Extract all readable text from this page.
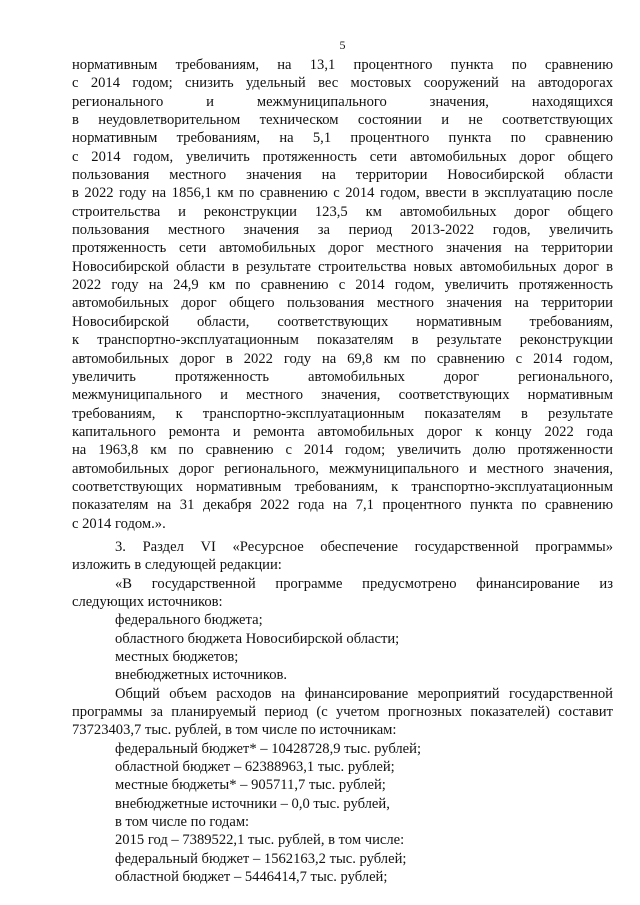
5
нормативным требованиям, на 13,1 процентного пункта по сравнению
с 2014 годом; снизить удельный вес мостовых сооружений на автодорогах
регионального и межмуниципального значения, находящихся
в неудовлетворительном техническом состоянии и не соответствующих
нормативным требованиям, на 5,1 процентного пункта по сравнению
с 2014 годом, увеличить протяженность сети автомобильных дорог общего
пользования местного значения на территории Новосибирской области
в 2022 году на 1856,1 км по сравнению с 2014 годом, ввести в эксплуатацию после
строительства и реконструкции 123,5 км автомобильных дорог общего
пользования местного значения за период 2013-2022 годов, увеличить
протяженность сети автомобильных дорог местного значения на территории
Новосибирской области в результате строительства новых автомобильных дорог в
2022 году на 24,9 км по сравнению с 2014 годом, увеличить протяженность
автомобильных дорог общего пользования местного значения на территории
Новосибирской области, соответствующих нормативным требованиям,
к транспортно-эксплуатационным показателям в результате реконструкции
автомобильных дорог в 2022 году на 69,8 км по сравнению с 2014 годом,
увеличить протяженность автомобильных дорог регионального,
межмуниципального и местного значения, соответствующих нормативным
требованиям, к транспортно-эксплуатационным показателям в результате
капитального ремонта и ремонта автомобильных дорог к концу 2022 года
на 1963,8 км по сравнению с 2014 годом; увеличить долю протяженности
автомобильных дорог регионального, межмуниципального и местного значения,
соответствующих нормативным требованиям, к транспортно-эксплуатационным
показателям на 31 декабря 2022 года на 7,1 процентного пункта по сравнению
с 2014 годом.».
3. Раздел VI «Ресурсное обеспечение государственной программы»
изложить в следующей редакции:
«В государственной программе предусмотрено финансирование из
следующих источников:
федерального бюджета;
областного бюджета Новосибирской области;
местных бюджетов;
внебюджетных источников.
Общий объем расходов на финансирование мероприятий государственной
программы за планируемый период (с учетом прогнозных показателей) составит
73723403,7 тыс. рублей, в том числе по источникам:
федеральный бюджет* – 10428728,9 тыс. рублей;
областной бюджет – 62388963,1 тыс. рублей;
местные бюджеты* – 905711,7 тыс. рублей;
внебюджетные источники – 0,0 тыс. рублей,
в том числе по годам:
2015 год – 7389522,1 тыс. рублей, в том числе:
федеральный бюджет – 1562163,2 тыс. рублей;
областной бюджет – 5446414,7 тыс. рублей;
